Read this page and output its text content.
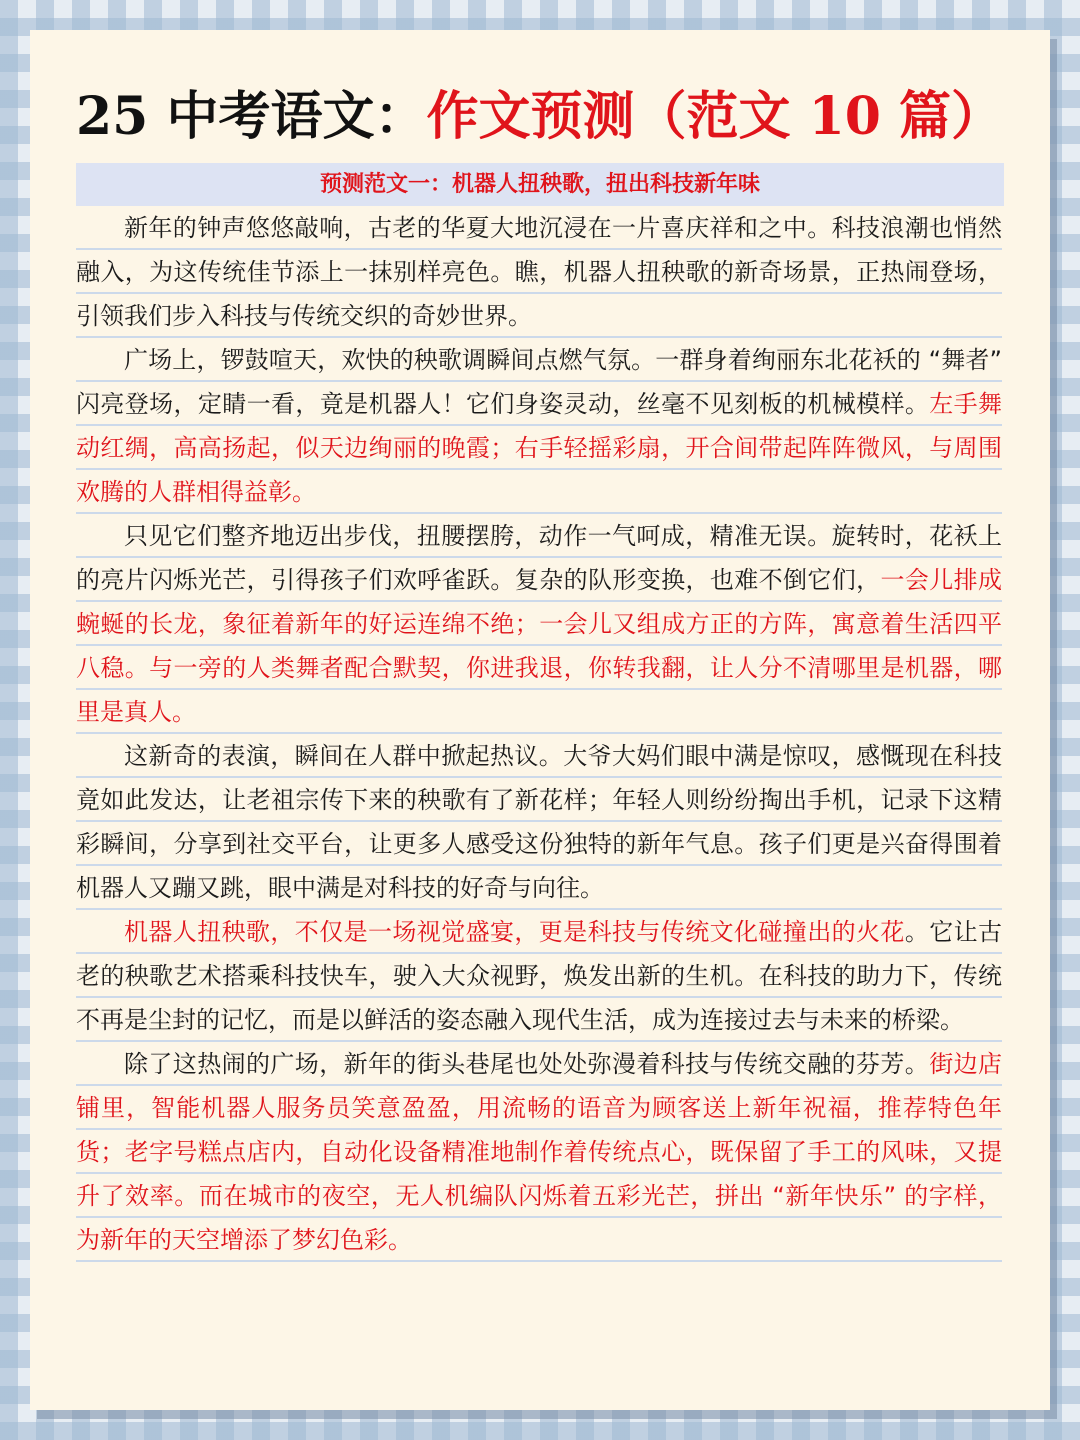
25 中考语文：作文预测（范文 10 篇）
预测范文一：机器人扭秧歌，扭出科技新年味

新年的钟声悠悠敲响，古老的华夏大地沉浸在一片喜庆祥和之中。科技浪潮也悄然融入，为这传统佳节添上一抹别样亮色。瞧，机器人扭秧歌的新奇场景，正热闹登场，引领我们步入科技与传统交织的奇妙世界。

广场上，锣鼓喧天，欢快的秧歌调瞬间点燃气氛。一群身着绚丽东北花袄的 “舞者” 闪亮登场，定睛一看，竟是机器人！它们身姿灵动，丝毫不见刻板的机械模样。左手舞动红绸，高高扬起，似天边绚丽的晚霞；右手轻摇彩扇，开合间带起阵阵微风，与周围欢腾的人群相得益彰。

只见它们整齐地迈出步伐，扭腰摆胯，动作一气呵成，精准无误。旋转时，花袄上的亮片闪烁光芒，引得孩子们欢呼雀跃。复杂的队形变换，也难不倒它们，一会儿排成蜿蜒的长龙，象征着新年的好运连绵不绝；一会儿又组成方正的方阵，寓意着生活四平八稳。与一旁的人类舞者配合默契，你进我退，你转我翻，让人分不清哪里是机器，哪里是真人。

这新奇的表演，瞬间在人群中掀起热议。大爷大妈们眼中满是惊叹，感慨现在科技竟如此发达，让老祖宗传下来的秧歌有了新花样；年轻人则纷纷掏出手机，记录下这精彩瞬间，分享到社交平台，让更多人感受这份独特的新年气息。孩子们更是兴奋得围着机器人又蹦又跳，眼中满是对科技的好奇与向往。

机器人扭秧歌，不仅是一场视觉盛宴，更是科技与传统文化碰撞出的火花。它让古老的秧歌艺术搭乘科技快车，驶入大众视野，焕发出新的生机。在科技的助力下，传统不再是尘封的记忆，而是以鲜活的姿态融入现代生活，成为连接过去与未来的桥梁。

除了这热闹的广场，新年的街头巷尾也处处弥漫着科技与传统交融的芬芳。街边店铺里，智能机器人服务员笑意盈盈，用流畅的语音为顾客送上新年祝福，推荐特色年货；老字号糕点店内，自动化设备精准地制作着传统点心，既保留了手工的风味，又提升了效率。而在城市的夜空，无人机编队闪烁着五彩光芒，拼出 “新年快乐” 的字样，为新年的天空增添了梦幻色彩。
